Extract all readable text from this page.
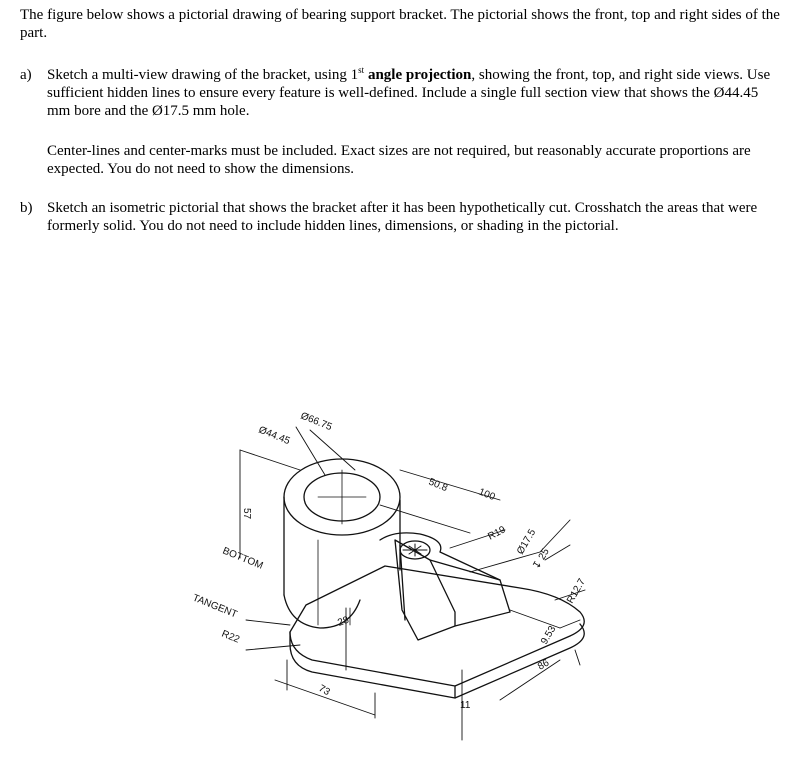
The figure below shows a pictorial drawing of bearing support bracket. The pictorial shows the front, top and right sides of the part.
a) Sketch a multi-view drawing of the bracket, using 1st angle projection, showing the front, top, and right side views. Use sufficient hidden lines to ensure every feature is well-defined. Include a single full section view that shows the Ø44.45 mm bore and the Ø17.5 mm hole.
Center-lines and center-marks must be included. Exact sizes are not required, but reasonably accurate proportions are expected. You do not need to show the dimensions.
b) Sketch an isometric pictorial that shows the bracket after it has been hypothetically cut. Crosshatch the areas that were formerly solid. You do not need to include hidden lines, dimensions, or shading in the pictorial.
Ø66.75
Ø44.45
57
BOTTOM
TANGENT
R22
50.8
100
R19 Ø17.5
↧ 25
R12.7
9.53
86
28
73
11
